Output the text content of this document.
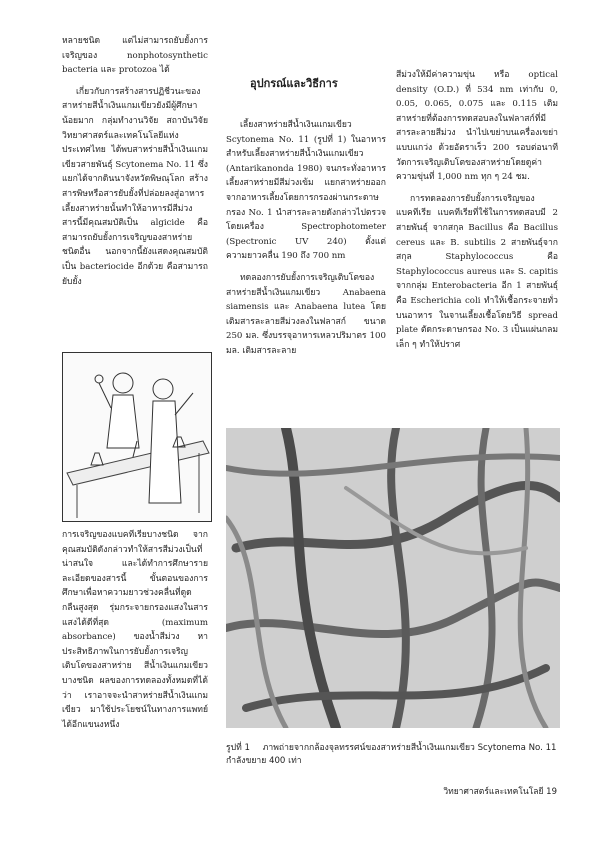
หลายชนิด แต่ไม่สามารถยับยั้งการเจริญของ nonphotosynthetic bacteria และ protozoa ได้

เกี่ยวกับการสร้างสารปฏิชีวนะของสาหร่ายสีน้ำเงินแกมเขียวยังมีผู้ศึกษาน้อยมาก กลุ่มทำงานวิจัย สถาบันวิจัยวิทยาศาสตร์และเทคโนโลยีแห่งประเทศไทย ได้พบสาหร่ายสีน้ำเงินแกมเขียวสายพันธุ์ Scytonema No. 11 ซึ่งแยกได้จากดินนาจังหวัดพิษณุโลก สร้างสารพิษหรือสารยับยั้งที่ปล่อยลงสู่อาหารเลี้ยงสาหร่ายนั้นทำให้อาหารมีสีม่วง สารนี้มีคุณสมบัติเป็น algicide คือสามารถยับยั้งการเจริญของสาหร่ายชนิดอื่น นอกจากนี้ยังแสดงคุณสมบัติเป็น bacteriocide อีกด้วย คือสามารถยับยั้ง

การเจริญของแบคทีเรียบางชนิด จากคุณสมบัติดังกล่าวทำให้สารสีม่วงเป็นที่น่าสนใจ และได้ทำการศึกษารายละเอียดของสารนี้ ขั้นตอนของการศึกษาเพื่อหาความยาวช่วงคลื่นที่ดูดกลืนสูงสุด รุ่มกระจายกรองแสงในสารแสงได้ดีที่สุด (maximum absorbance) ของน้ำสีม่วง หาประสิทธิภาพในการยับยั้งการเจริญเติบโตของสาหร่าย สีน้ำเงินแกมเขียวบางชนิด ผลของการทดลองทั้งหมดที่ได้ว่า เราอาจจะนำสาหร่ายสีน้ำเงินแกมเขียว มาใช้ประโยชน์ในทางการแพทย์ได้อีกแขนงหนึ่ง

อุปกรณ์และวิธีการ

เลี้ยงสาหร่ายสีน้ำเงินแกมเขียว Scytonema No. 11 (รูปที่ 1) ในอาหารสำหรับเลี้ยงสาหร่ายสีน้ำเงินแกมเขียว (Antarikanonda 1980) จนกระทั่งอาหารเลี้ยงสาหร่ายมีสีม่วงเข้ม แยกสาหร่ายออกจากอาหารเลี้ยงโดยการกรองผ่านกระดาษกรอง No. 1 นำสารละลายดังกล่าวไปตรวจ โดยเครื่อง Spectrophotometer (Spectronic UV 240) ตั้งแต่ความยาวคลื่น 190 ถึง 700 nm

ทดลองการยับยั้งการเจริญเติบโตของสาหร่ายสีน้ำเงินแกมเขียว Anabaena siamensis และ Anabaena lutea โดยเติมสารละลายสีม่วงลงในฟลาสก์ ขนาด 250 มล. ซึ่งบรรจุอาหารเหลวปริมาตร 100 มล. เติมสารละลาย

สีม่วงให้มีค่าความขุ่น หรือ optical density (O.D.) ที่ 534 nm เท่ากับ 0, 0.05, 0.065, 0.075 และ 0.115 เติมสาหร่ายที่ต้องการทดสอบลงในฟลาสก์ที่มีสารละลายสีม่วง นำไปเขย่าบนเครื่องเขย่าแบบแกว่ง ด้วยอัตราเร็ว 200 รอบต่อนาที วัดการเจริญเติบโตของสาหร่ายโดยดูค่าความขุ่นที่ 1,000 nm ทุก ๆ 24 ชม.

การทดลองการยับยั้งการเจริญของแบคทีเรีย แบคทีเรียที่ใช้ในการทดสอบมี 2 สายพันธุ์ จากสกุล Bacillus คือ Bacillus cereus และ B. subtilis 2 สายพันธุ์จากสกุล Staphylococcus คือ Staphylococcus aureus และ S. capitis จากกลุ่ม Enterobacteria อีก 1 สายพันธุ์ คือ Escherichia coli ทำให้เชื้อกระจายทั่วบนอาหาร ในจานเลี้ยงเชื้อโดยวิธี spread plate ตัดกระดาษกรอง No. 3 เป็นแผ่นกลมเล็ก ๆ ทำให้ปราศ

รูปที่ 1 ภาพถ่ายจากกล้องจุลทรรศน์ของสาหร่ายสีน้ำเงินแกมเขียว Scytonema No. 11 กำลังขยาย 400 เท่า
วิทยาศาสตร์และเทคโนโลยี 19
